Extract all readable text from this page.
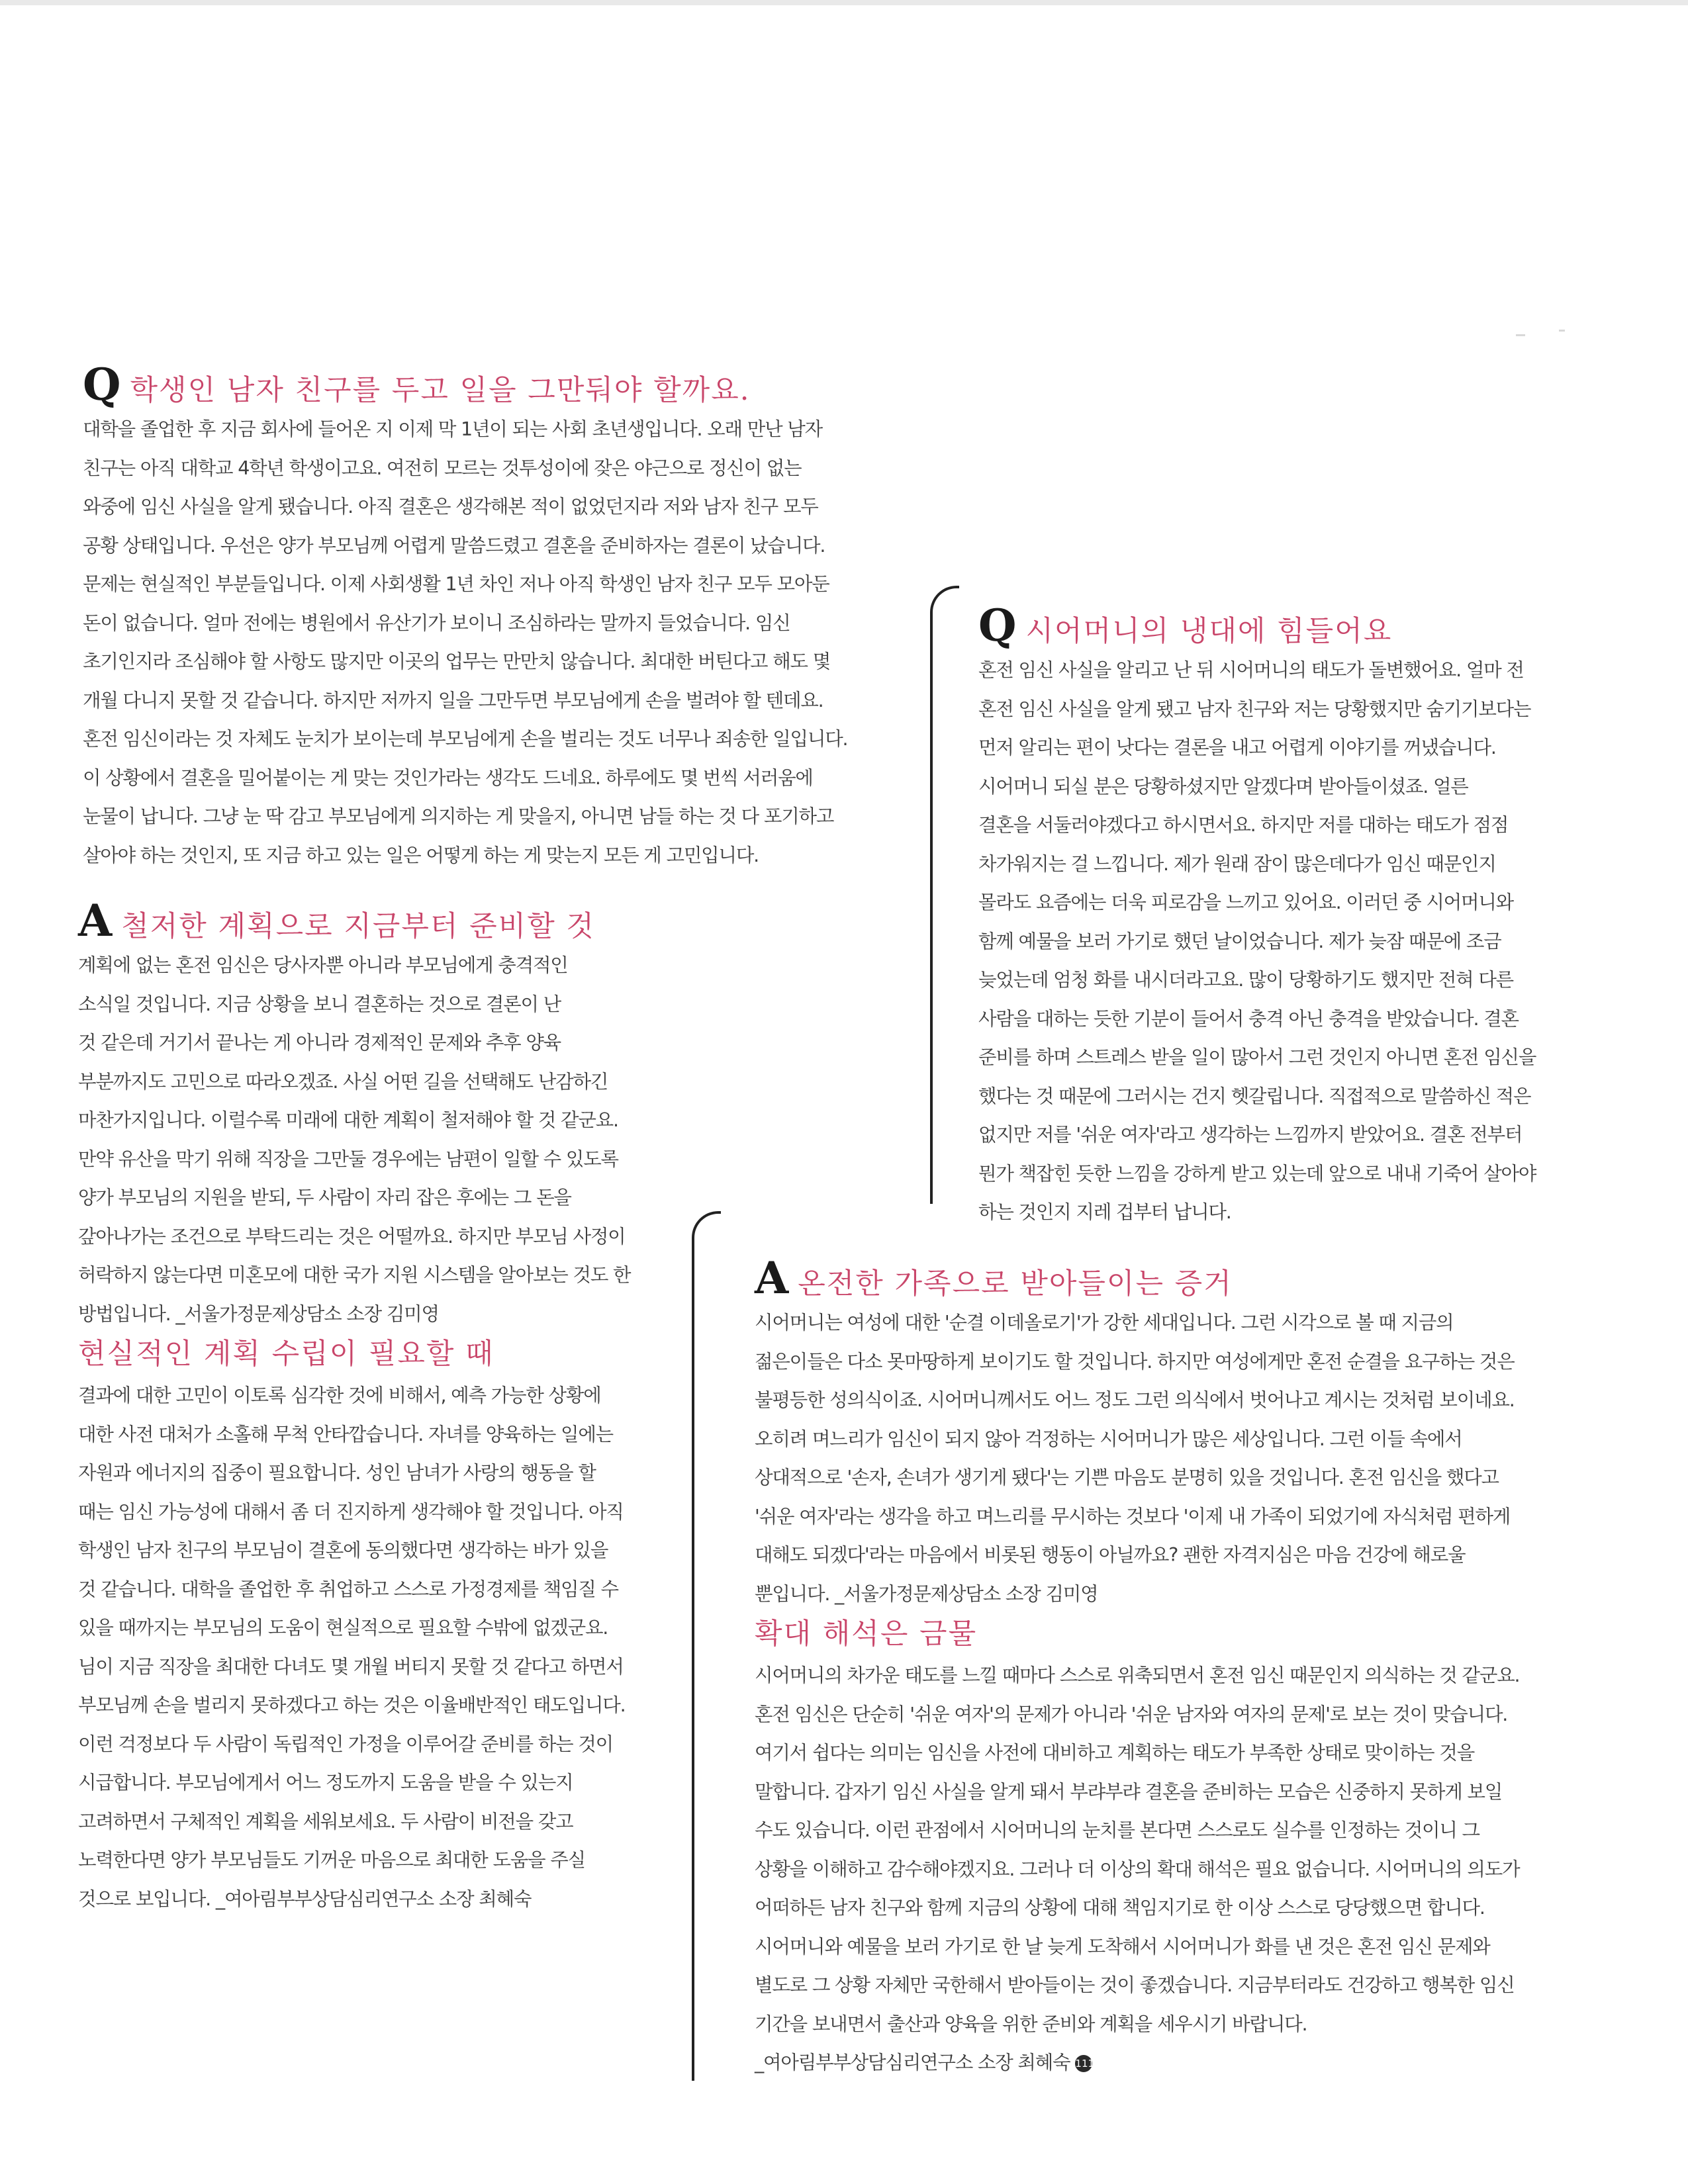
Q 학생인 남자 친구를 두고 일을 그만둬야 할까요.

대학을 졸업한 후 지금 회사에 들어온 지 이제 막 1년이 되는 사회 초년생입니다. 오래 만난 남자
친구는 아직 대학교 4학년 학생이고요. 여전히 모르는 것투성이에 잦은 야근으로 정신이 없는
와중에 임신 사실을 알게 됐습니다. 아직 결혼은 생각해본 적이 없었던지라 저와 남자 친구 모두
공황 상태입니다. 우선은 양가 부모님께 어렵게 말씀드렸고 결혼을 준비하자는 결론이 났습니다.
문제는 현실적인 부분들입니다. 이제 사회생활 1년 차인 저나 아직 학생인 남자 친구 모두 모아둔
돈이 없습니다. 얼마 전에는 병원에서 유산기가 보이니 조심하라는 말까지 들었습니다. 임신
초기인지라 조심해야 할 사항도 많지만 이곳의 업무는 만만치 않습니다. 최대한 버틴다고 해도 몇
개월 다니지 못할 것 같습니다. 하지만 저까지 일을 그만두면 부모님에게 손을 벌려야 할 텐데요.
혼전 임신이라는 것 자체도 눈치가 보이는데 부모님에게 손을 벌리는 것도 너무나 죄송한 일입니다.
이 상황에서 결혼을 밀어붙이는 게 맞는 것인가라는 생각도 드네요. 하루에도 몇 번씩 서러움에
눈물이 납니다. 그냥 눈 딱 감고 부모님에게 의지하는 게 맞을지, 아니면 남들 하는 것 다 포기하고
살아야 하는 것인지, 또 지금 하고 있는 일은 어떻게 하는 게 맞는지 모든 게 고민입니다.

A 철저한 계획으로 지금부터 준비할 것

계획에 없는 혼전 임신은 당사자뿐 아니라 부모님에게 충격적인
소식일 것입니다. 지금 상황을 보니 결혼하는 것으로 결론이 난
것 같은데 거기서 끝나는 게 아니라 경제적인 문제와 추후 양육
부분까지도 고민으로 따라오겠죠. 사실 어떤 길을 선택해도 난감하긴
마찬가지입니다. 이럴수록 미래에 대한 계획이 철저해야 할 것 같군요.
만약 유산을 막기 위해 직장을 그만둘 경우에는 남편이 일할 수 있도록
양가 부모님의 지원을 받되, 두 사람이 자리 잡은 후에는 그 돈을
갚아나가는 조건으로 부탁드리는 것은 어떨까요. 하지만 부모님 사정이
허락하지 않는다면 미혼모에 대한 국가 지원 시스템을 알아보는 것도 한
방법입니다. _서울가정문제상담소 소장 김미영

현실적인 계획 수립이 필요할 때

결과에 대한 고민이 이토록 심각한 것에 비해서, 예측 가능한 상황에
대한 사전 대처가 소홀해 무척 안타깝습니다. 자녀를 양육하는 일에는
자원과 에너지의 집중이 필요합니다. 성인 남녀가 사랑의 행동을 할
때는 임신 가능성에 대해서 좀 더 진지하게 생각해야 할 것입니다. 아직
학생인 남자 친구의 부모님이 결혼에 동의했다면 생각하는 바가 있을
것 같습니다. 대학을 졸업한 후 취업하고 스스로 가정경제를 책임질 수
있을 때까지는 부모님의 도움이 현실적으로 필요할 수밖에 없겠군요.
님이 지금 직장을 최대한 다녀도 몇 개월 버티지 못할 것 같다고 하면서
부모님께 손을 벌리지 못하겠다고 하는 것은 이율배반적인 태도입니다.
이런 걱정보다 두 사람이 독립적인 가정을 이루어갈 준비를 하는 것이
시급합니다. 부모님에게서 어느 정도까지 도움을 받을 수 있는지
고려하면서 구체적인 계획을 세워보세요. 두 사람이 비전을 갖고
노력한다면 양가 부모님들도 기꺼운 마음으로 최대한 도움을 주실
것으로 보입니다. _여아림부부상담심리연구소 소장 최혜숙

Q 시어머니의 냉대에 힘들어요

혼전 임신 사실을 알리고 난 뒤 시어머니의 태도가 돌변했어요. 얼마 전
혼전 임신 사실을 알게 됐고 남자 친구와 저는 당황했지만 숨기기보다는
먼저 알리는 편이 낫다는 결론을 내고 어렵게 이야기를 꺼냈습니다.
시어머니 되실 분은 당황하셨지만 알겠다며 받아들이셨죠. 얼른
결혼을 서둘러야겠다고 하시면서요. 하지만 저를 대하는 태도가 점점
차가워지는 걸 느낍니다. 제가 원래 잠이 많은데다가 임신 때문인지
몰라도 요즘에는 더욱 피로감을 느끼고 있어요. 이러던 중 시어머니와
함께 예물을 보러 가기로 했던 날이었습니다. 제가 늦잠 때문에 조금
늦었는데 엄청 화를 내시더라고요. 많이 당황하기도 했지만 전혀 다른
사람을 대하는 듯한 기분이 들어서 충격 아닌 충격을 받았습니다. 결혼
준비를 하며 스트레스 받을 일이 많아서 그런 것인지 아니면 혼전 임신을
했다는 것 때문에 그러시는 건지 헷갈립니다. 직접적으로 말씀하신 적은
없지만 저를 '쉬운 여자'라고 생각하는 느낌까지 받았어요. 결혼 전부터
뭔가 책잡힌 듯한 느낌을 강하게 받고 있는데 앞으로 내내 기죽어 살아야
하는 것인지 지레 겁부터 납니다.

A 온전한 가족으로 받아들이는 증거

시어머니는 여성에 대한 '순결 이데올로기'가 강한 세대입니다. 그런 시각으로 볼 때 지금의
젊은이들은 다소 못마땅하게 보이기도 할 것입니다. 하지만 여성에게만 혼전 순결을 요구하는 것은
불평등한 성의식이죠. 시어머니께서도 어느 정도 그런 의식에서 벗어나고 계시는 것처럼 보이네요.
오히려 며느리가 임신이 되지 않아 걱정하는 시어머니가 많은 세상입니다. 그런 이들 속에서
상대적으로 '손자, 손녀가 생기게 됐다'는 기쁜 마음도 분명히 있을 것입니다. 혼전 임신을 했다고
'쉬운 여자'라는 생각을 하고 며느리를 무시하는 것보다 '이제 내 가족이 되었기에 자식처럼 편하게
대해도 되겠다'라는 마음에서 비롯된 행동이 아닐까요? 괜한 자격지심은 마음 건강에 해로울
뿐입니다. _서울가정문제상담소 소장 김미영

확대 해석은 금물

시어머니의 차가운 태도를 느낄 때마다 스스로 위축되면서 혼전 임신 때문인지 의식하는 것 같군요.
혼전 임신은 단순히 '쉬운 여자'의 문제가 아니라 '쉬운 남자와 여자의 문제'로 보는 것이 맞습니다.
여기서 쉽다는 의미는 임신을 사전에 대비하고 계획하는 태도가 부족한 상태로 맞이하는 것을
말합니다. 갑자기 임신 사실을 알게 돼서 부랴부랴 결혼을 준비하는 모습은 신중하지 못하게 보일
수도 있습니다. 이런 관점에서 시어머니의 눈치를 본다면 스스로도 실수를 인정하는 것이니 그
상황을 이해하고 감수해야겠지요. 그러나 더 이상의 확대 해석은 필요 없습니다. 시어머니의 의도가
어떠하든 남자 친구와 함께 지금의 상황에 대해 책임지기로 한 이상 스스로 당당했으면 합니다.
시어머니와 예물을 보러 가기로 한 날 늦게 도착해서 시어머니가 화를 낸 것은 혼전 임신 문제와
별도로 그 상황 자체만 국한해서 받아들이는 것이 좋겠습니다. 지금부터라도 건강하고 행복한 임신
기간을 보내면서 출산과 양육을 위한 준비와 계획을 세우시기 바랍니다.

_여아림부부상담심리연구소 소장 최혜숙 111
